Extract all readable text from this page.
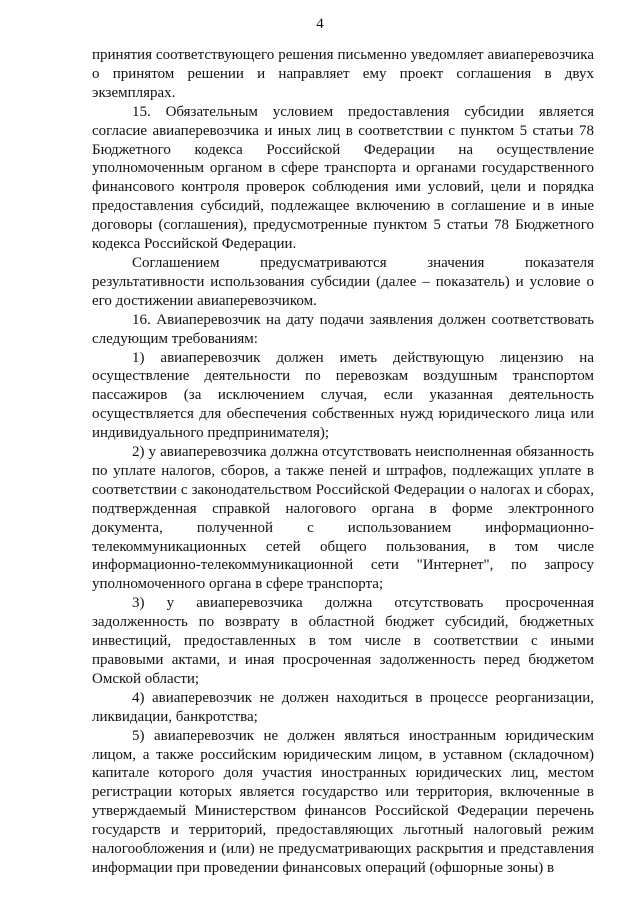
4

принятия соответствующего решения письменно уведомляет авиаперевозчика о принятом решении и направляет ему проект соглашения в двух экземплярах.

15. Обязательным условием предоставления субсидии является согласие авиаперевозчика и иных лиц в соответствии с пунктом 5 статьи 78 Бюджетного кодекса Российской Федерации на осуществление уполномоченным органом в сфере транспорта и органами государственного финансового контроля проверок соблюдения ими условий, цели и порядка предоставления субсидий, подлежащее включению в соглашение и в иные договоры (соглашения), предусмотренные пунктом 5 статьи 78 Бюджетного кодекса Российской Федерации.

Соглашением предусматриваются значения показателя результативности использования субсидии (далее – показатель) и условие о его достижении авиаперевозчиком.

16. Авиаперевозчик на дату подачи заявления должен соответствовать следующим требованиям:

1) авиаперевозчик должен иметь действующую лицензию на осуществление деятельности по перевозкам воздушным транспортом пассажиров (за исключением случая, если указанная деятельность осуществляется для обеспечения собственных нужд юридического лица или индивидуального предпринимателя);

2) у авиаперевозчика должна отсутствовать неисполненная обязанность по уплате налогов, сборов, а также пеней и штрафов, подлежащих уплате в соответствии с законодательством Российской Федерации о налогах и сборах, подтвержденная справкой налогового органа в форме электронного документа, полученной с использованием информационно-телекоммуникационных сетей общего пользования, в том числе информационно-телекоммуникационной сети "Интернет", по запросу уполномоченного органа в сфере транспорта;

3) у авиаперевозчика должна отсутствовать просроченная задолженность по возврату в областной бюджет субсидий, бюджетных инвестиций, предоставленных в том числе в соответствии с иными правовыми актами, и иная просроченная задолженность перед бюджетом Омской области;

4) авиаперевозчик не должен находиться в процессе реорганизации, ликвидации, банкротства;

5) авиаперевозчик не должен являться иностранным юридическим лицом, а также российским юридическим лицом, в уставном (складочном) капитале которого доля участия иностранных юридических лиц, местом регистрации которых является государство или территория, включенные в утверждаемый Министерством финансов Российской Федерации перечень государств и территорий, предоставляющих льготный налоговый режим налогообложения и (или) не предусматривающих раскрытия и представления информации при проведении финансовых операций (офшорные зоны) в
